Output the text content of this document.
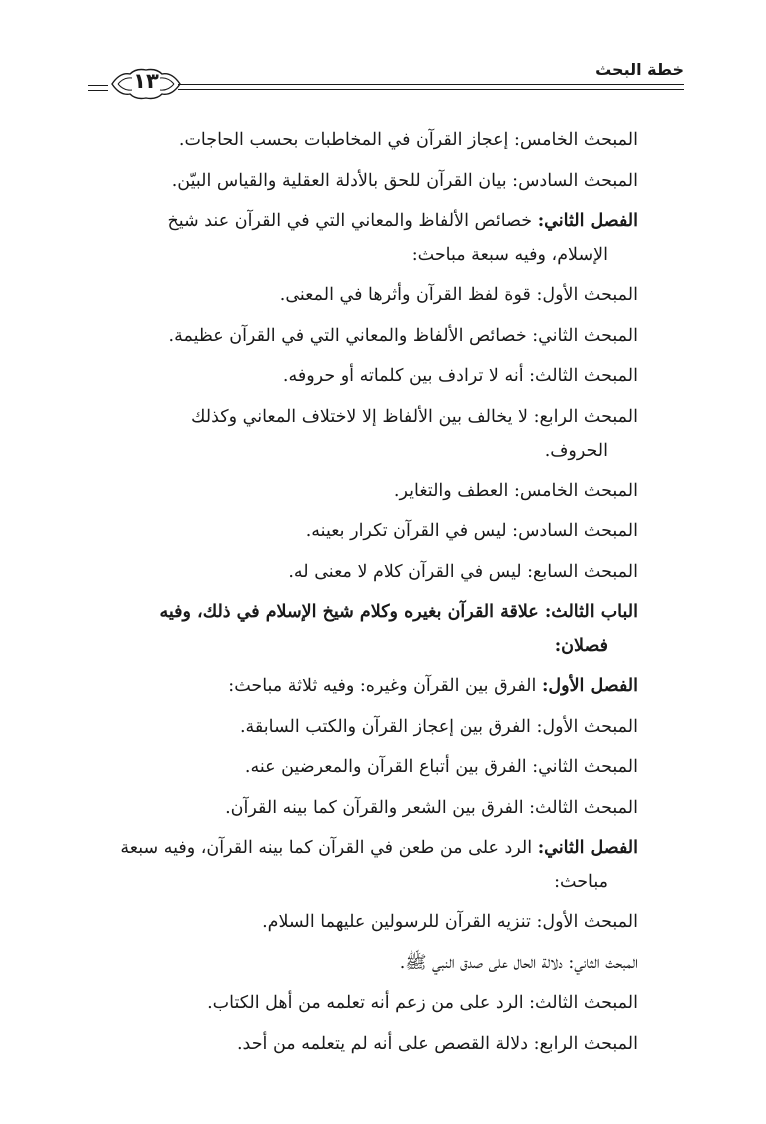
خطة البحث
١٣
المبحث الخامس: إعجاز القرآن في المخاطبات بحسب الحاجات.
المبحث السادس: بيان القرآن للحق بالأدلة العقلية والقياس البيّن.
الفصل الثاني: خصائص الألفاظ والمعاني التي في القرآن عند شيخ
الإسلام، وفيه سبعة مباحث:
المبحث الأول: قوة لفظ القرآن وأثرها في المعنى.
المبحث الثاني: خصائص الألفاظ والمعاني التي في القرآن عظيمة.
المبحث الثالث: أنه لا ترادف بين كلماته أو حروفه.
المبحث الرابع: لا يخالف بين الألفاظ إلا لاختلاف المعاني وكذلك
الحروف.
المبحث الخامس: العطف والتغاير.
المبحث السادس: ليس في القرآن تكرار بعينه.
المبحث السابع: ليس في القرآن كلام لا معنى له.
الباب الثالث: علاقة القرآن بغيره وكلام شيخ الإسلام في ذلك، وفيه
فصلان:
الفصل الأول: الفرق بين القرآن وغيره: وفيه ثلاثة مباحث:
المبحث الأول: الفرق بين إعجاز القرآن والكتب السابقة.
المبحث الثاني: الفرق بين أتباع القرآن والمعرضين عنه.
المبحث الثالث: الفرق بين الشعر والقرآن كما بينه القرآن.
الفصل الثاني: الرد على من طعن في القرآن كما بينه القرآن، وفيه سبعة
مباحث:
المبحث الأول: تنزيه القرآن للرسولين عليهما السلام.
المبحث الثاني: دلالة الحال على صدق النبي ﷺ.
المبحث الثالث: الرد على من زعم أنه تعلمه من أهل الكتاب.
المبحث الرابع: دلالة القصص على أنه لم يتعلمه من أحد.
